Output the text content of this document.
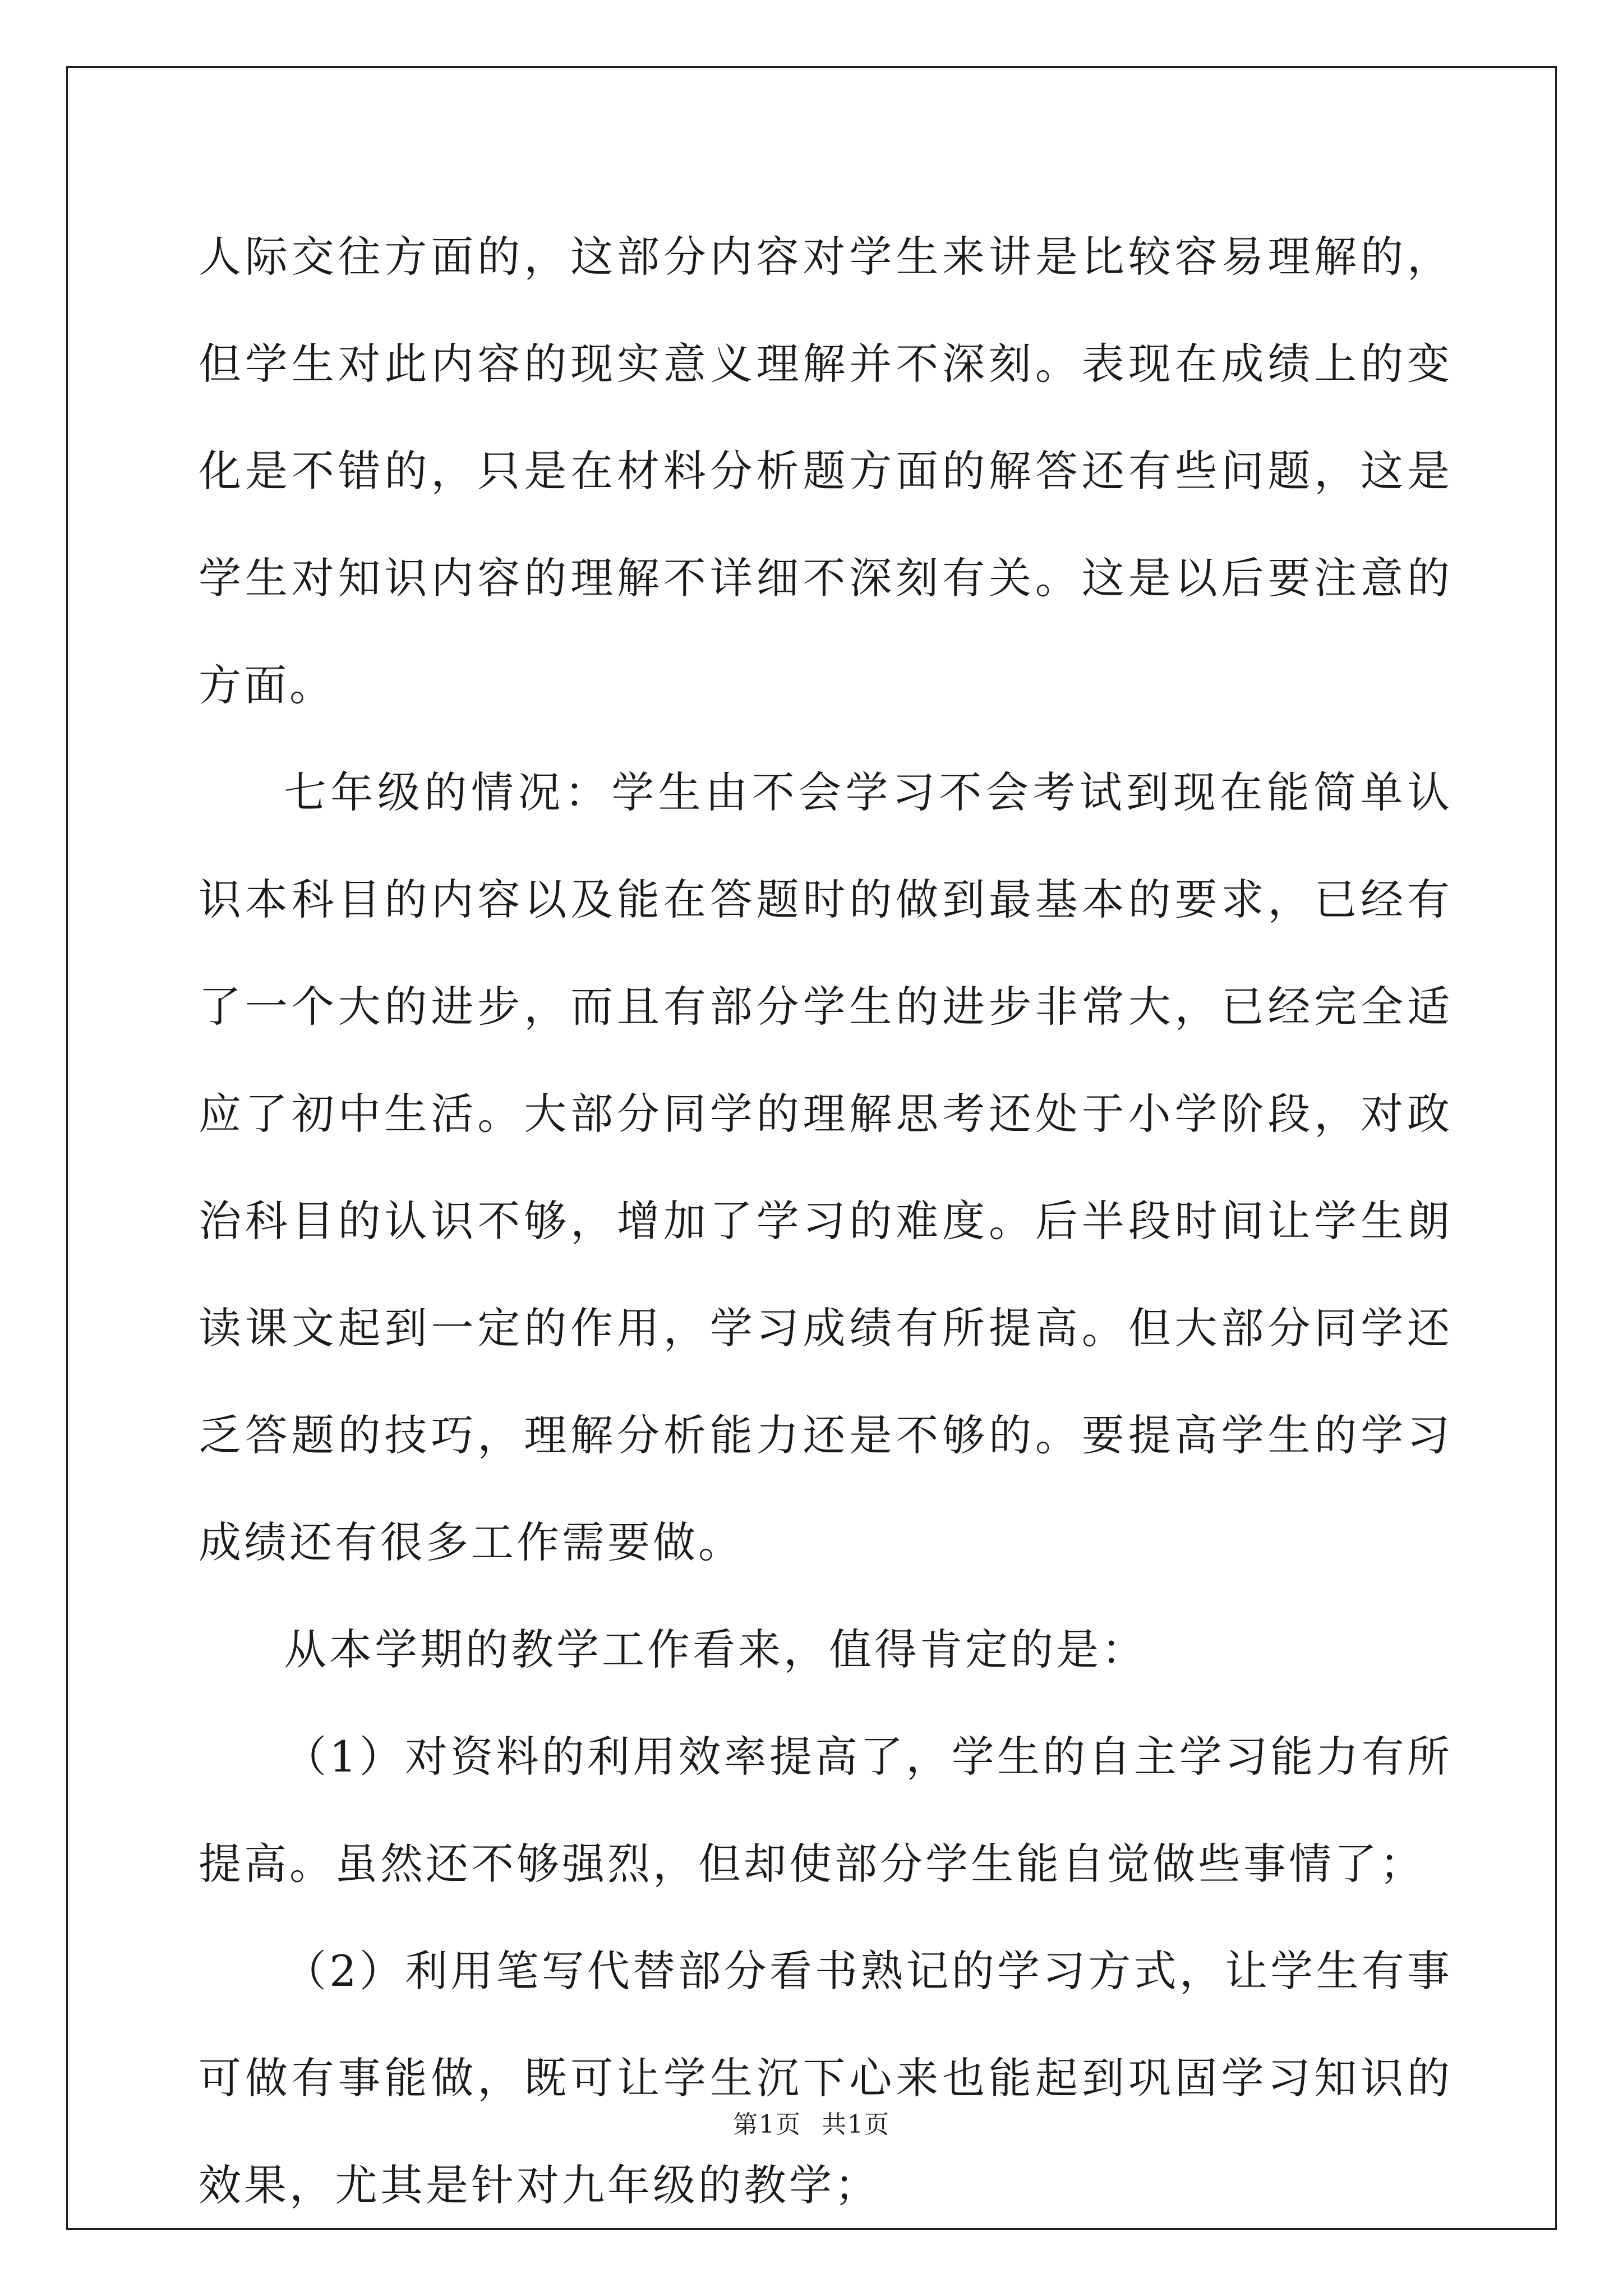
人际交往方面的，这部分内容对学生来讲是比较容易理解的，但学生对此内容的现实意义理解并不深刻。表现在成绩上的变化是不错的，只是在材料分析题方面的解答还有些问题，这是学生对知识内容的理解不详细不深刻有关。这是以后要注意的方面。

七年级的情况：学生由不会学习不会考试到现在能简单认识本科目的内容以及能在答题时的做到最基本的要求，已经有了一个大的进步，而且有部分学生的进步非常大，已经完全适应了初中生活。大部分同学的理解思考还处于小学阶段，对政治科目的认识不够，增加了学习的难度。后半段时间让学生朗读课文起到一定的作用，学习成绩有所提高。但大部分同学还乏答题的技巧，理解分析能力还是不够的。要提高学生的学习成绩还有很多工作需要做。

从本学期的教学工作看来，值得肯定的是：

（1）对资料的利用效率提高了，学生的自主学习能力有所提高。虽然还不够强烈，但却使部分学生能自觉做些事情了；

（2）利用笔写代替部分看书熟记的学习方式，让学生有事可做有事能做，既可让学生沉下心来也能起到巩固学习知识的效果，尤其是针对九年级的教学；

第1页 共1页
